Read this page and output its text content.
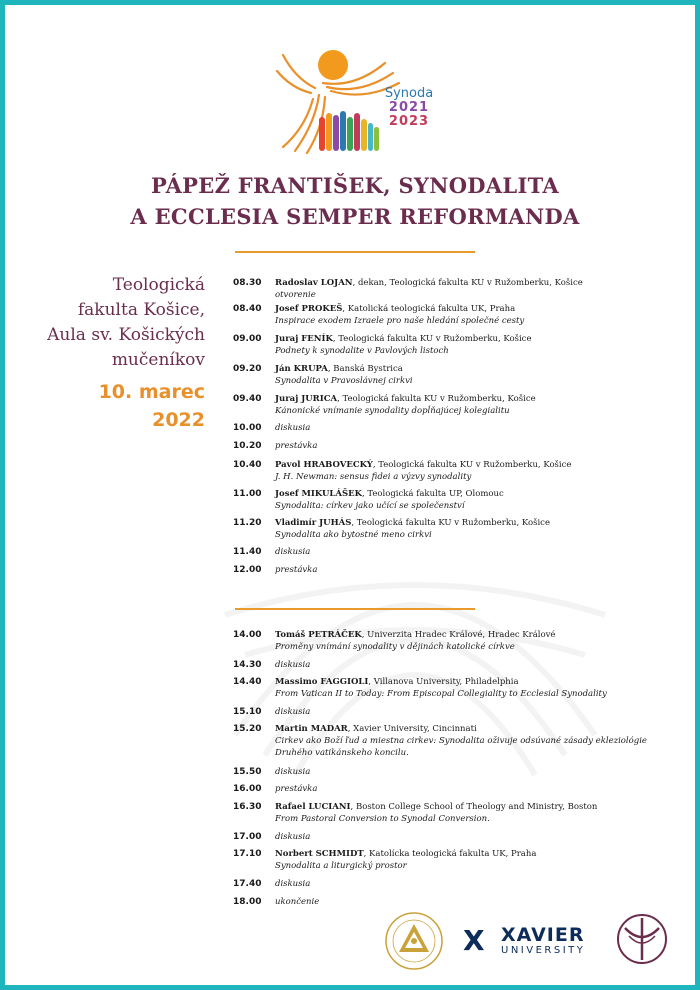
Synoda
2021
2023
PÁPEŽ FRANTIŠEK, SYNODALITA
A ECCLESIA SEMPER REFORMANDA
Teologická
fakulta Košice,
Aula sv. Košických
mučeníkov
10. marec
2022
08.30	Radoslav LOJAN, dekan, Teologická fakulta KU v Ružomberku, Košice
otvorenie
08.40	Josef PROKEŠ, Katolická teologická fakulta UK, Praha
Inspirace exodem Izraele pro naše hledání společné cesty
09.00	Juraj FENÍK, Teologická fakulta KU v Ružomberku, Košice
Podnety k synodalite v Pavlových listoch
09.20	Ján KRUPA, Banská Bystrica
Synodalita v Pravoslávnej cirkvi
09.40	Juraj JURICA, Teologická fakulta KU v Ružomberku, Košice
Kánonické vnímanie synodality dopĺňajúcej kolegialitu
10.00	diskusia
10.20	prestávka
10.40	Pavol HRABOVECKÝ, Teologická fakulta KU v Ružomberku, Košice
J. H. Newman: sensus fidei a výzvy synodality
11.00	Josef MIKULÁŠEK, Teologická fakulta UP, Olomouc
Synodalita: církev jako učící se společenství
11.20	Vladimír JUHÁS, Teologická fakulta KU v Ružomberku, Košice
Synodalita ako bytostné meno cirkvi
11.40	diskusia
12.00	prestávka
14.00	Tomáš PETRÁČEK, Univerzita Hradec Králové, Hradec Králové
Proměny vnímání synodality v dějinách katolické církve
14.30	diskusia
14.40	Massimo FAGGIOLI, Villanova University, Philadelphia
From Vatican II to Today: From Episcopal Collegiality to Ecclesial Synodality
15.10	diskusia
15.20	Martin MADAR, Xavier University, Cincinnati
Cirkev ako Boží ľud a miestna cirkev: Synodalita oživuje odsúvané zásady ekleziológie
Druhého vatikánskeho koncilu.
15.50	diskusia
16.00	prestávka
16.30	Rafael LUCIANI, Boston College School of Theology and Ministry, Boston
From Pastoral Conversion to Synodal Conversion.
17.00	diskusia
17.10	Norbert SCHMIDT, Katolícka teologická fakulta UK, Praha
Synodalita a liturgický prostor
17.40	diskusia
18.00	ukončenie
X XAVIER
UNIVERSITY
